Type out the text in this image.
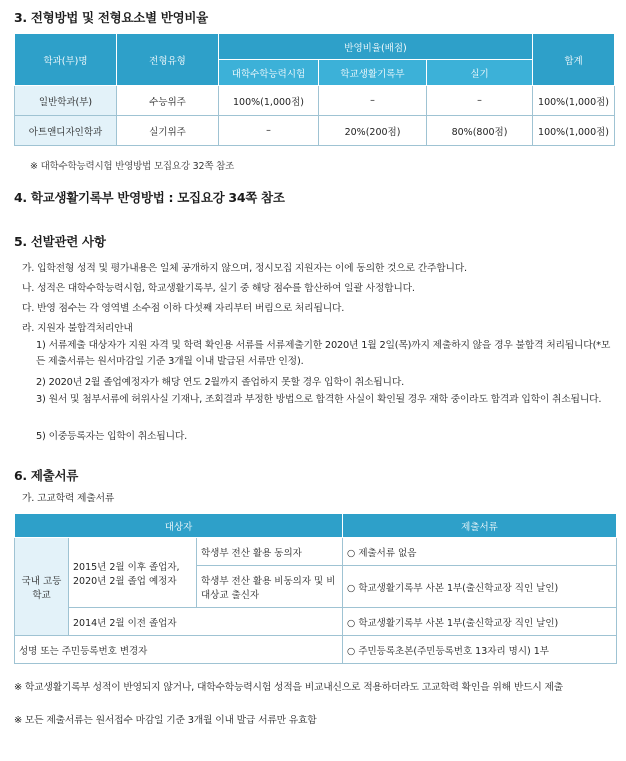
3. 전형방법 및 전형요소별 반영비율
학과(부)명	전형유형	반영비율(배점)			합계
		대학수학능력시험	학교생활기록부	실기	
일반학과(부)	수능위주	100%(1,000점)	–	–	100%(1,000점)
아트앤디자인학과	실기위주	–	20%(200점)	80%(800점)	100%(1,000점)
※ 대학수학능력시험 반영방법 모집요강 32쪽 참조
4. 학교생활기록부 반영방법 : 모집요강 34쪽 참조
5. 선발관련 사항
가. 입학전형 성적 및 평가내용은 일체 공개하지 않으며, 정시모집 지원자는 이에 동의한 것으로 간주합니다.
나. 성적은 대학수학능력시험, 학교생활기록부, 실기 중 해당 점수를 합산하여 일괄 사정합니다.
다. 반영 점수는 각 영역별 소수점 이하 다섯째 자리부터 버림으로 처리됩니다.
라. 지원자 불합격처리안내
1) 서류제출 대상자가 지원 자격 및 학력 확인용 서류를 서류제출기한 2020년 1월 2일(목)까지 제출하지 않을 경우 불합격 처리됩니다(*모든 제출서류는 원서마감일 기준 3개월 이내 발급된 서류만 인정).
2) 2020년 2월 졸업예정자가 해당 연도 2월까지 졸업하지 못할 경우 입학이 취소됩니다.
3) 원서 및 첨부서류에 허위사실 기재나, 조회결과 부정한 방법으로 합격한 사실이 확인될 경우 재학 중이라도 합격과 입학이 취소됩니다.
5) 이중등록자는 입학이 취소됩니다.
6. 제출서류
가. 고교학력 제출서류
대상자			제출서류
국내 고등학교	2015년 2월 이후 졸업자, 2020년 2월 졸업 예정자	학생부 전산 활용 동의자	○ 제출서류 없음
		학생부 전산 활용 비동의자 및 비대상교 출신자	○ 학교생활기록부 사본 1부(출신학교장 직인 날인)
	2014년 2월 이전 졸업자		○ 학교생활기록부 사본 1부(출신학교장 직인 날인)
성명 또는 주민등록번호 변경자			○ 주민등록초본(주민등록번호 13자리 명시) 1부
※ 학교생활기록부 성적이 반영되지 않거나, 대학수학능력시험 성적을 비교내신으로 적용하더라도 고교학력 확인을 위해 반드시 제출
※ 모든 제출서류는 원서접수 마감일 기준 3개월 이내 발급 서류만 유효함
